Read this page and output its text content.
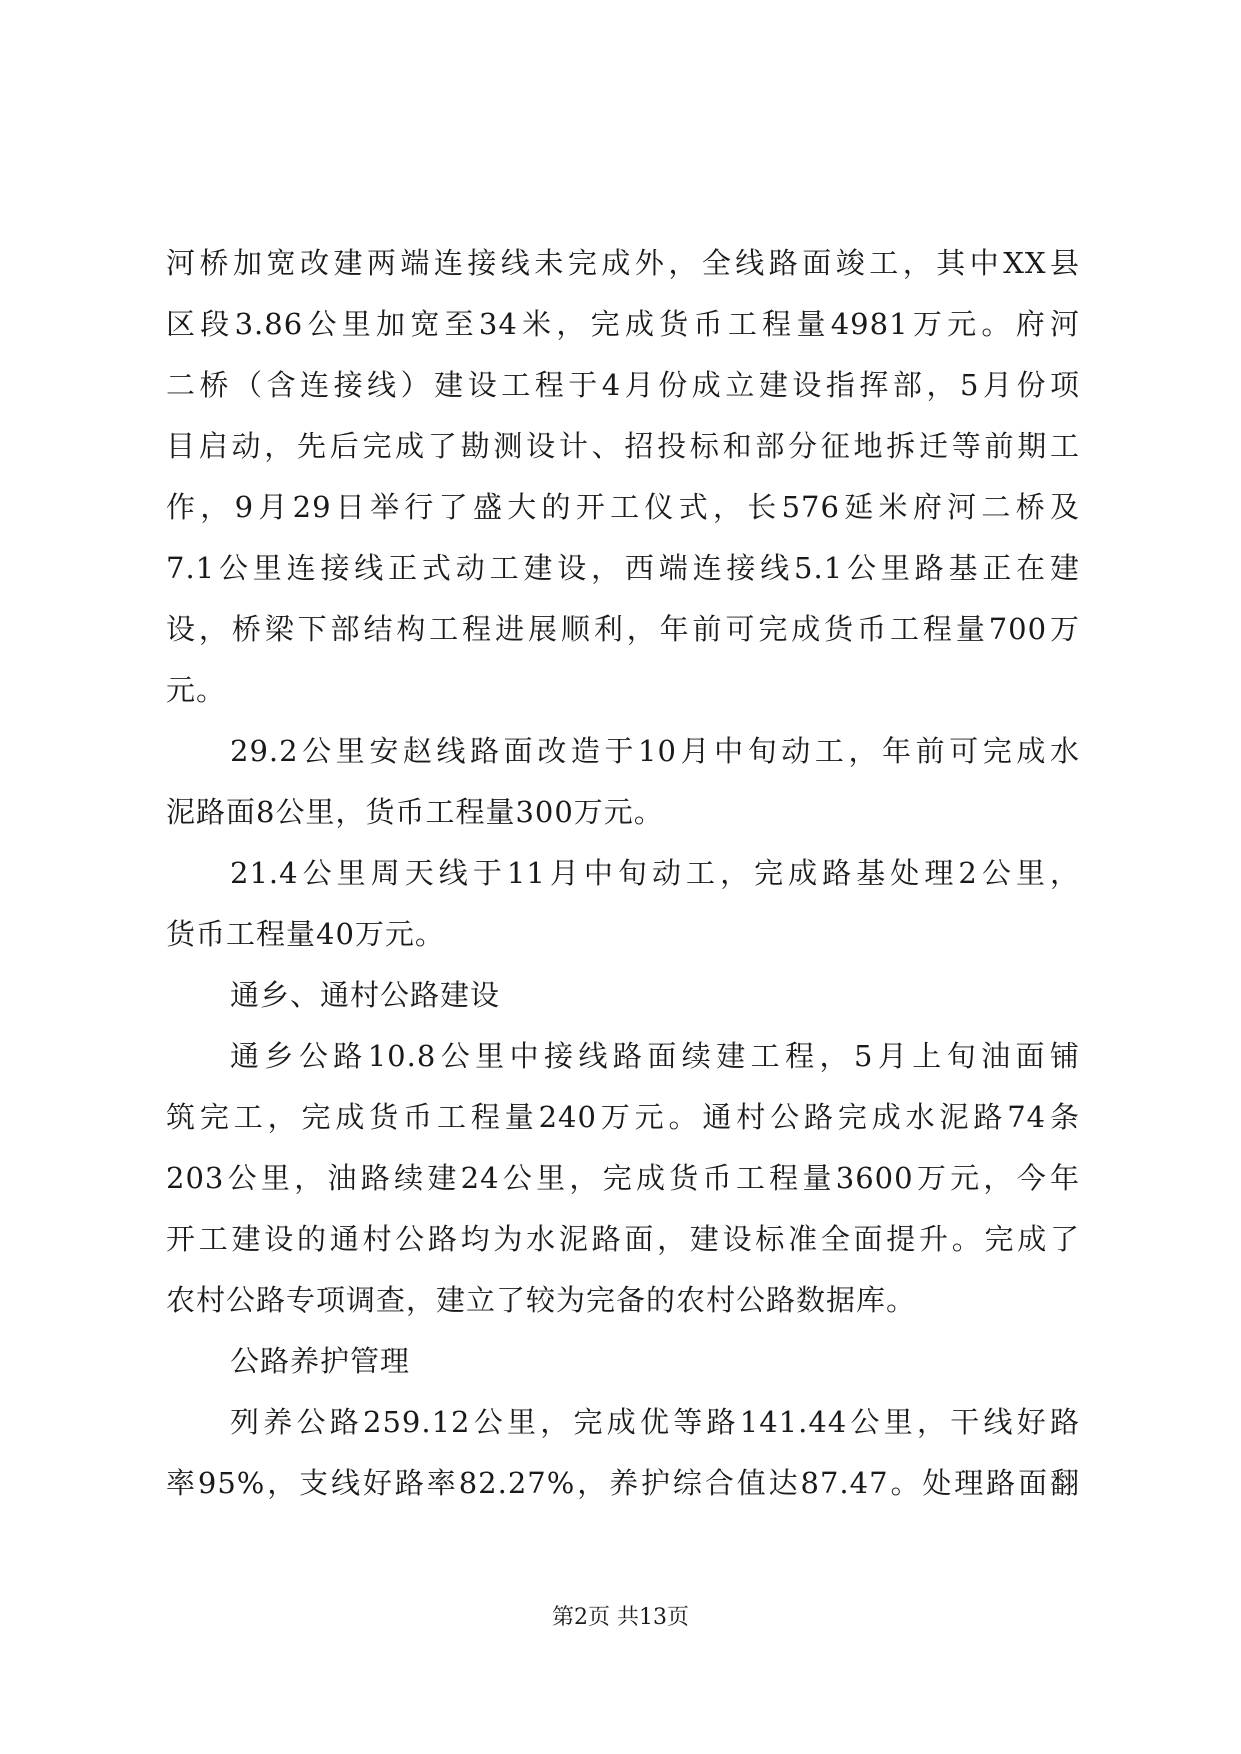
河桥加宽改建两端连接线未完成外，全线路面竣工，其中XX县
区段3.86公里加宽至34米，完成货币工程量4981万元。府河
二桥（含连接线）建设工程于4月份成立建设指挥部，5月份项
目启动，先后完成了勘测设计、招投标和部分征地拆迁等前期工
作，9月29日举行了盛大的开工仪式，长576延米府河二桥及
7.1公里连接线正式动工建设，西端连接线5.1公里路基正在建
设，桥梁下部结构工程进展顺利，年前可完成货币工程量700万
元。
29.2公里安赵线路面改造于10月中旬动工，年前可完成水
泥路面8公里，货币工程量300万元。
21.4公里周天线于11月中旬动工，完成路基处理2公里，
货币工程量40万元。
通乡、通村公路建设
通乡公路10.8公里中接线路面续建工程，5月上旬油面铺
筑完工，完成货币工程量240万元。通村公路完成水泥路74条
203公里，油路续建24公里，完成货币工程量3600万元，今年
开工建设的通村公路均为水泥路面，建设标准全面提升。完成了
农村公路专项调查，建立了较为完备的农村公路数据库。
公路养护管理
列养公路259.12公里，完成优等路141.44公里，干线好路
率95%，支线好路率82.27%，养护综合值达87.47。处理路面翻
第2页 共13页
